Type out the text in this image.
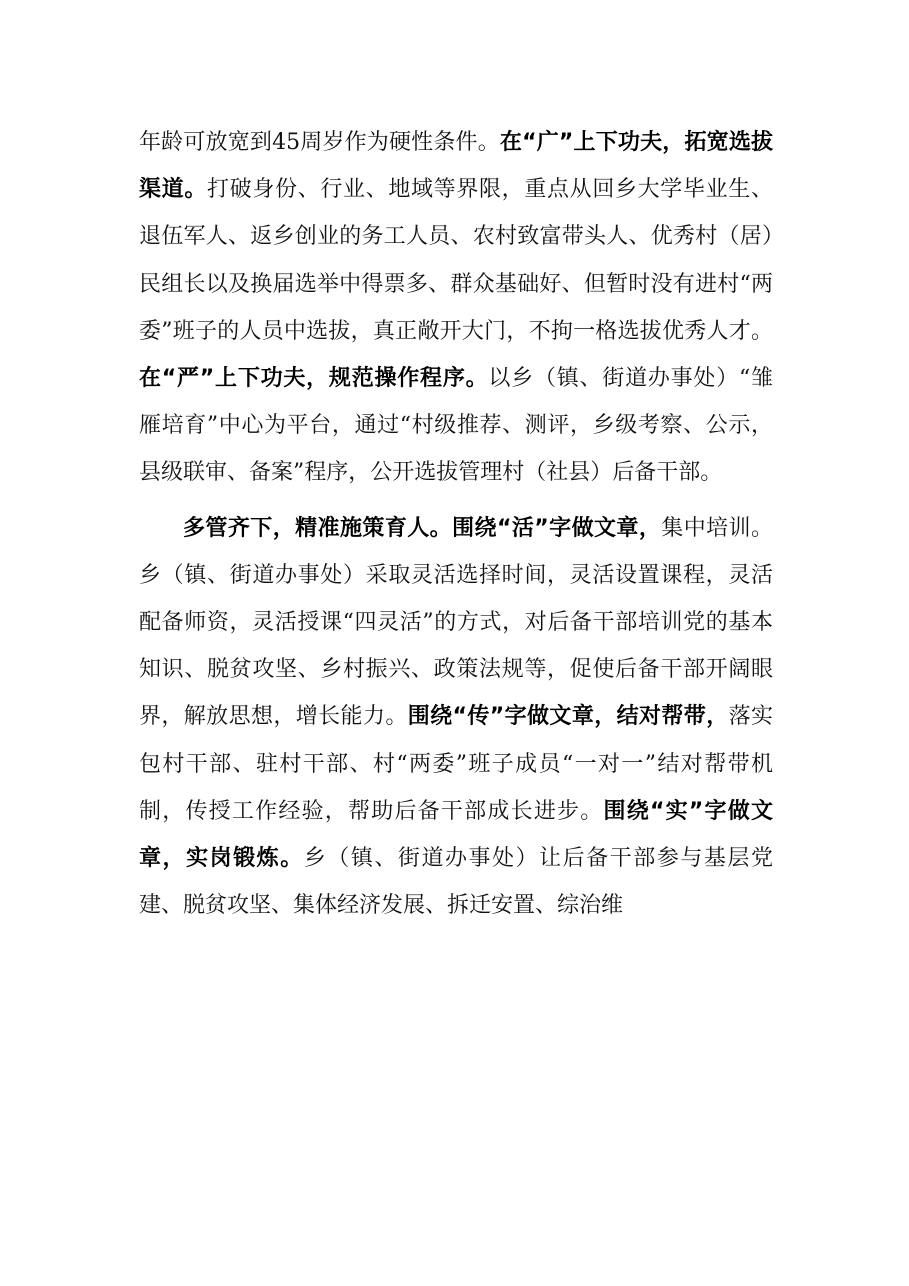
年龄可放宽到45周岁作为硬性条件。在“广”上下功夫，拓宽选拔渠道。打破身份、行业、地域等界限，重点从回乡大学毕业生、退伍军人、返乡创业的务工人员、农村致富带头人、优秀村（居）民组长以及换届选举中得票多、群众基础好、但暂时没有进村“两委”班子的人员中选拔，真正敞开大门，不拘一格选拔优秀人才。在“严”上下功夫，规范操作程序。以乡（镇、街道办事处）“雏雁培育”中心为平台，通过“村级推荐、测评，乡级考察、公示，县级联审、备案”程序，公开选拔管理村（社县）后备干部。

多管齐下，精准施策育人。围绕“活”字做文章，集中培训。乡（镇、街道办事处）采取灵活选择时间，灵活设置课程，灵活配备师资，灵活授课“四灵活”的方式，对后备干部培训党的基本知识、脱贫攻坚、乡村振兴、政策法规等，促使后备干部开阔眼界，解放思想，增长能力。围绕“传”字做文章，结对帮带，落实包村干部、驻村干部、村“两委”班子成员“一对一”结对帮带机制，传授工作经验，帮助后备干部成长进步。围绕“实”字做文章，实岗锻炼。乡（镇、街道办事处）让后备干部参与基层党建、脱贫攻坚、集体经济发展、拆迁安置、综治维
